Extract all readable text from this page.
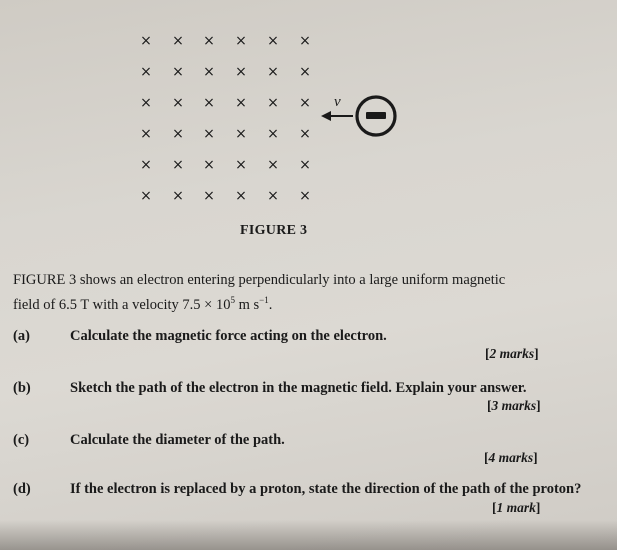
× × × × × ×
× × × × × ×
× × × × × ×
× × × × × ×
× × × × × ×
× × × × × ×
v
FIGURE 3
FIGURE 3 shows an electron entering perpendicularly into a large uniform magnetic
field of 6.5 T with a velocity $7.5 \times 10^5$ m $s^{-1}$.
(a)	Calculate the magnetic force acting on the electron.
[2 marks]
(b)	Sketch the path of the electron in the magnetic field. Explain your answer.
[3 marks]
(c)	Calculate the diameter of the path.
[4 marks]
(d)	If the electron is replaced by a proton, state the direction of the path of the proton?
[1 mark]
